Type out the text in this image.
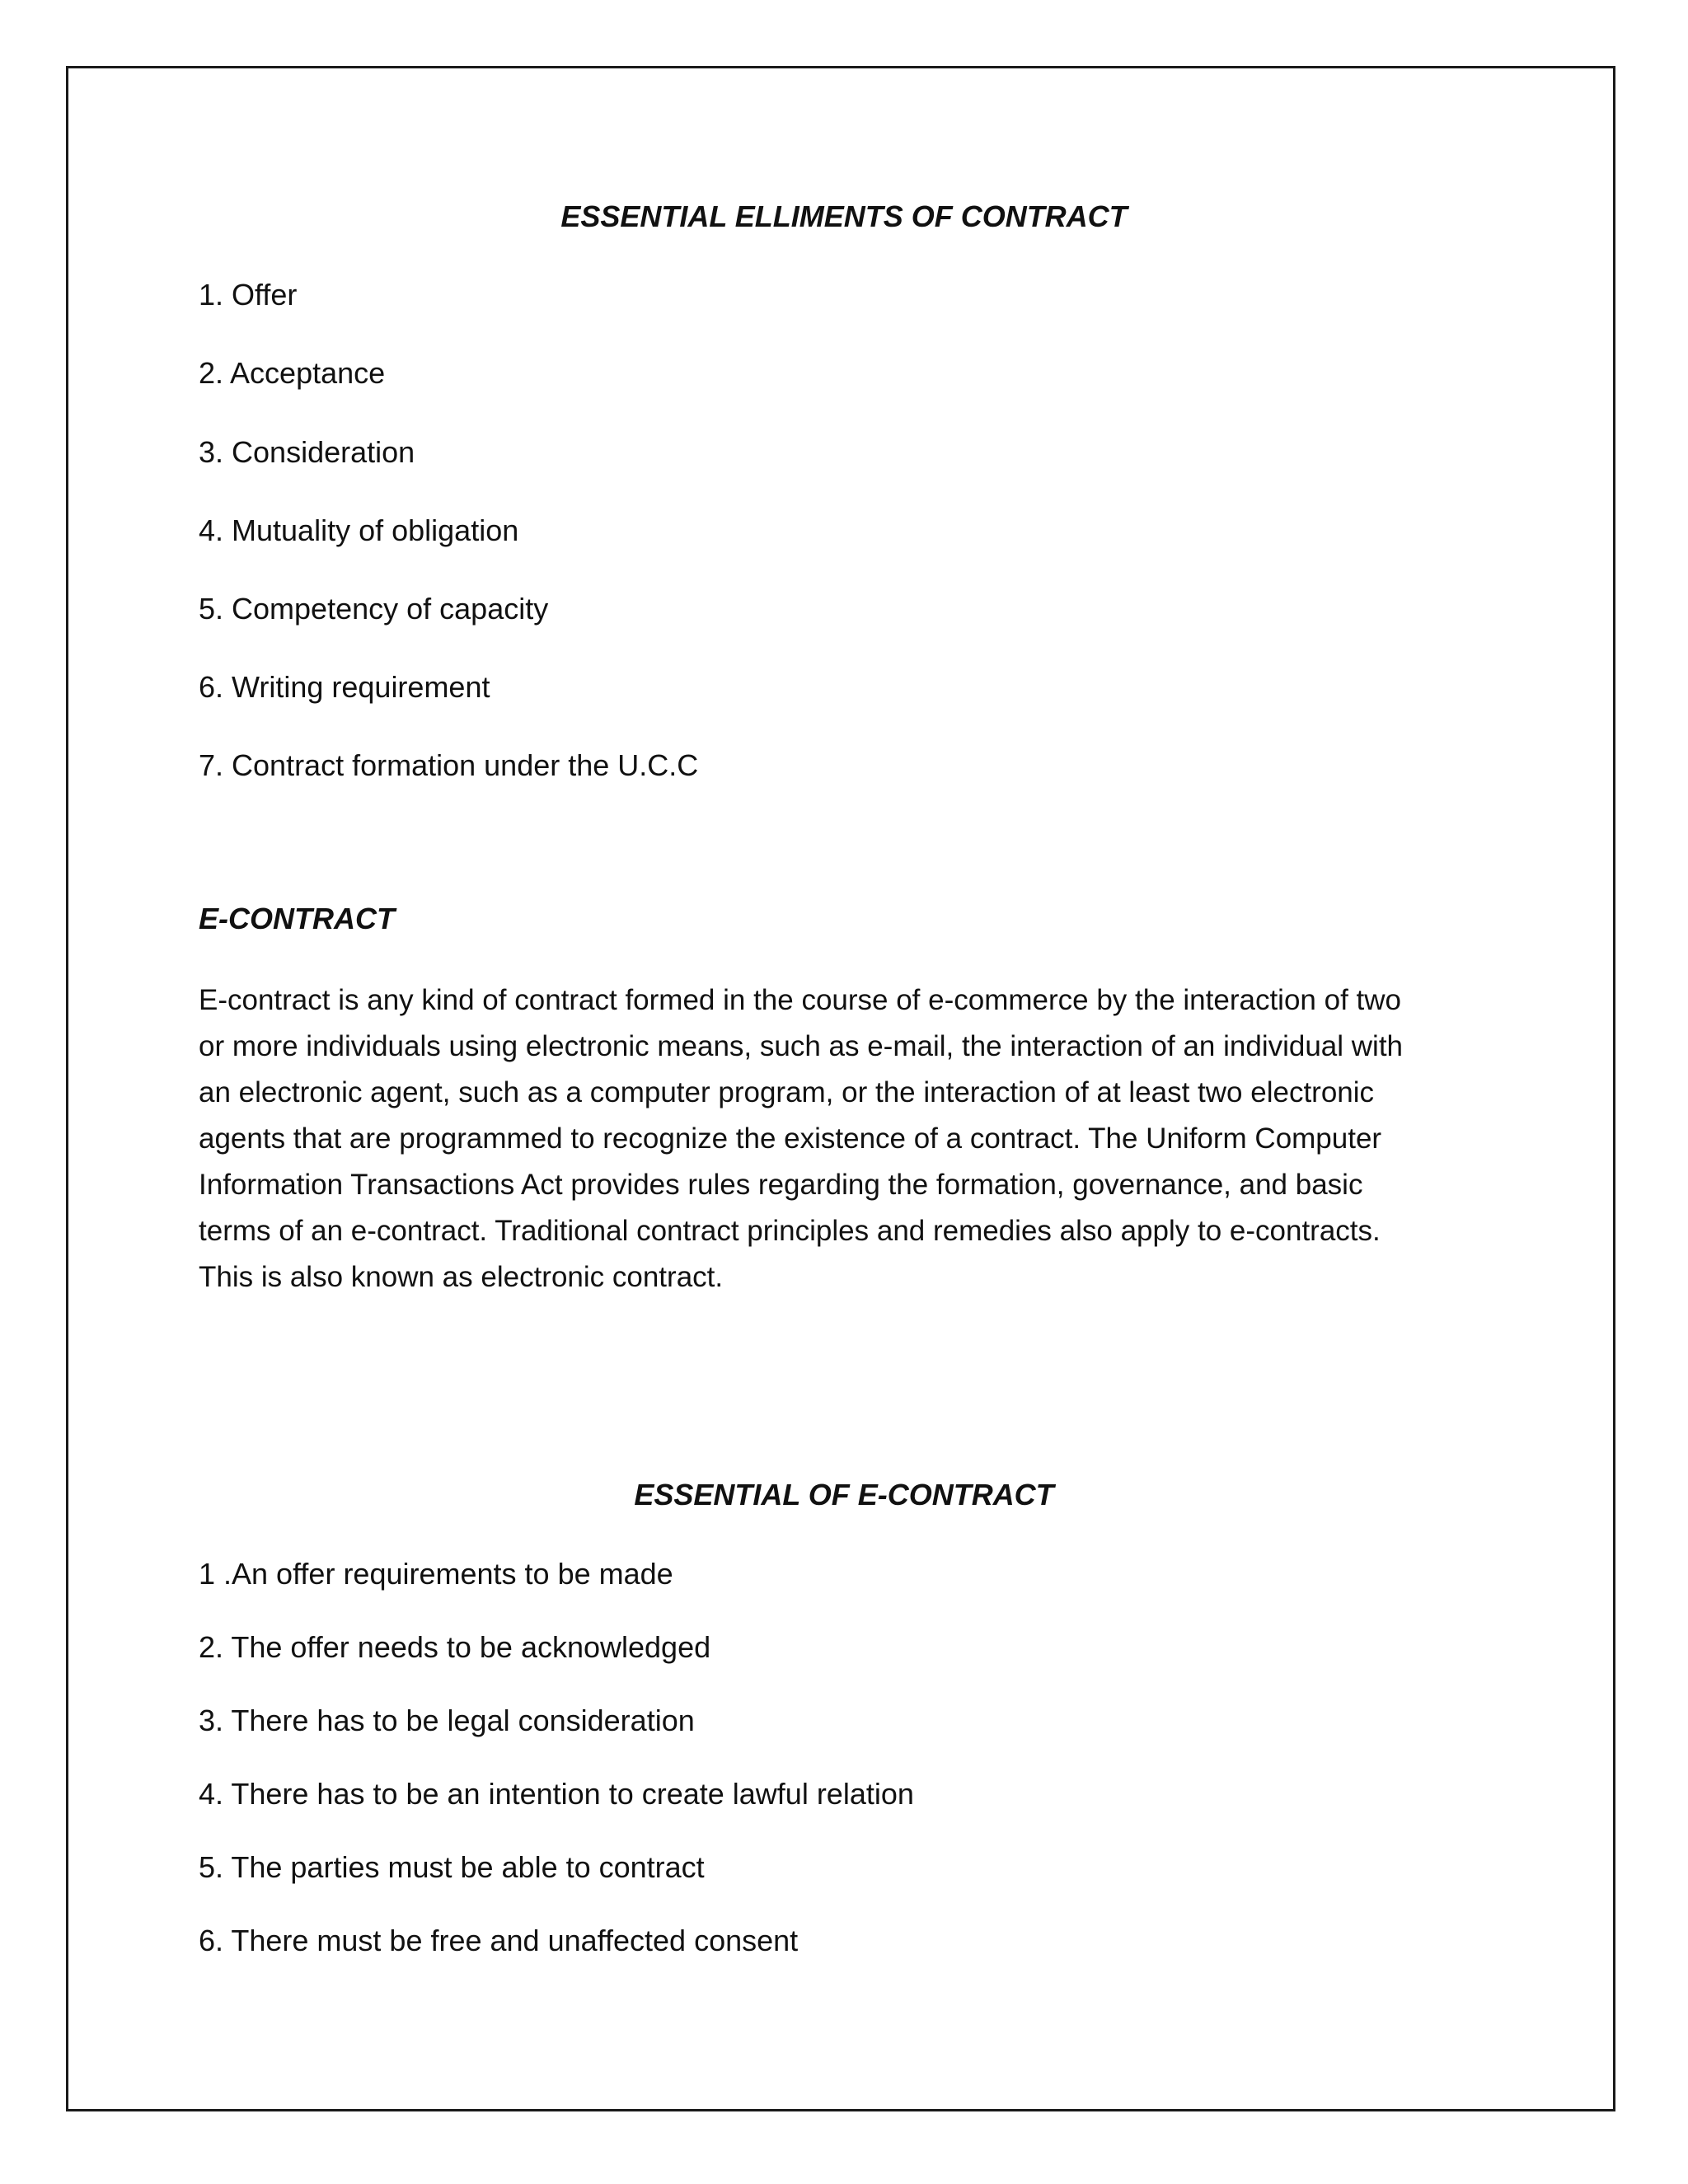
ESSENTIAL ELLIMENTS OF CONTRACT

1. Offer

2. Acceptance

3. Consideration

4. Mutuality of obligation

5. Competency of capacity

6. Writing requirement

7. Contract formation under the U.C.C

E-CONTRACT
E-contract is any kind of contract formed in the course of e-commerce by the interaction of two
or more individuals using electronic means, such as e-mail, the interaction of an individual with
an electronic agent, such as a computer program, or the interaction of at least two electronic
agents that are programmed to recognize the existence of a contract. The Uniform Computer
Information Transactions Act provides rules regarding the formation, governance, and basic
terms of an e-contract. Traditional contract principles and remedies also apply to e-contracts.
This is also known as electronic contract.
ESSENTIAL OF E-CONTRACT

1 .An offer requirements to be made

2. The offer needs to be acknowledged

3. There has to be legal consideration

4. There has to be an intention to create lawful relation

5. The parties must be able to contract

6. There must be free and unaffected consent
